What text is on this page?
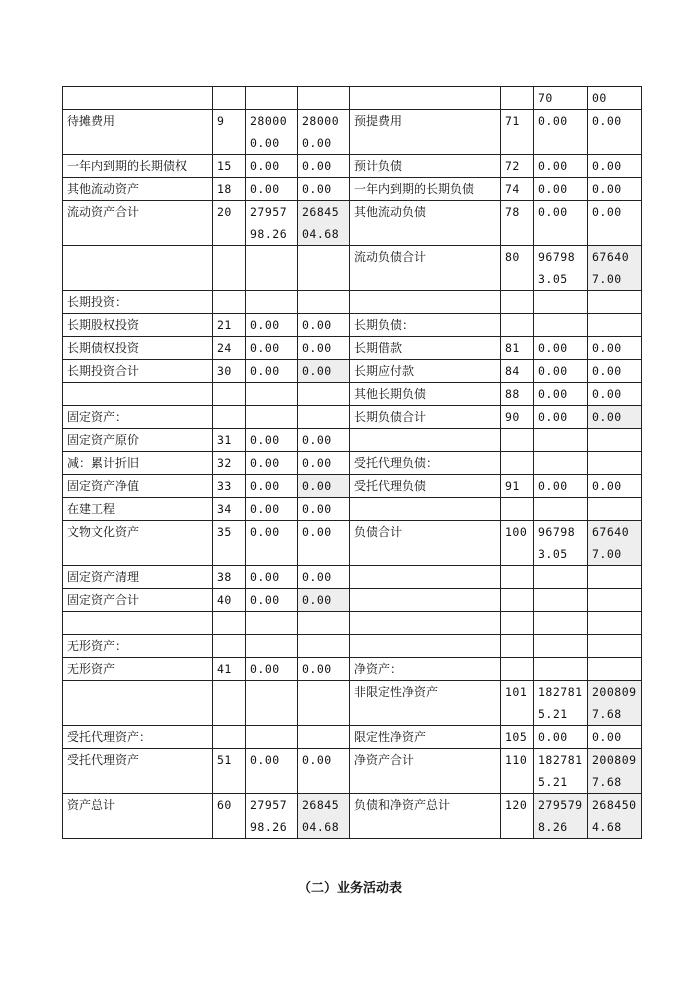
						70	00
待摊费用	9	280000.00	280000.00	预提费用	71	0.00	0.00
一年内到期的长期债权	15	0.00	0.00	预计负债	72	0.00	0.00
其他流动资产	18	0.00	0.00	一年内到期的长期负债	74	0.00	0.00
流动资产合计	20	2795798.26	2684504.68	其他流动负债	78	0.00	0.00
				流动负债合计	80	967983.05	676407.00
长期投资：							
长期股权投资	21	0.00	0.00	长期负债：			
长期债权投资	24	0.00	0.00	长期借款	81	0.00	0.00
长期投资合计	30	0.00	0.00	长期应付款	84	0.00	0.00
				其他长期负债	88	0.00	0.00
固定资产：				长期负债合计	90	0.00	0.00
固定资产原价	31	0.00	0.00				
减：累计折旧	32	0.00	0.00	受托代理负债：			
固定资产净值	33	0.00	0.00	受托代理负债	91	0.00	0.00
在建工程	34	0.00	0.00				
文物文化资产	35	0.00	0.00	负债合计	100	967983.05	676407.00
固定资产清理	38	0.00	0.00				
固定资产合计	40	0.00	0.00				

无形资产：							
无形资产	41	0.00	0.00	净资产：			
				非限定性净资产	101	1827815.21	2008097.68
受托代理资产：				限定性净资产	105	0.00	0.00
受托代理资产	51	0.00	0.00	净资产合计	110	1827815.21	2008097.68
资产总计	60	2795798.26	2684504.68	负债和净资产总计	120	2795798.26	2684504.68
（二）业务活动表
